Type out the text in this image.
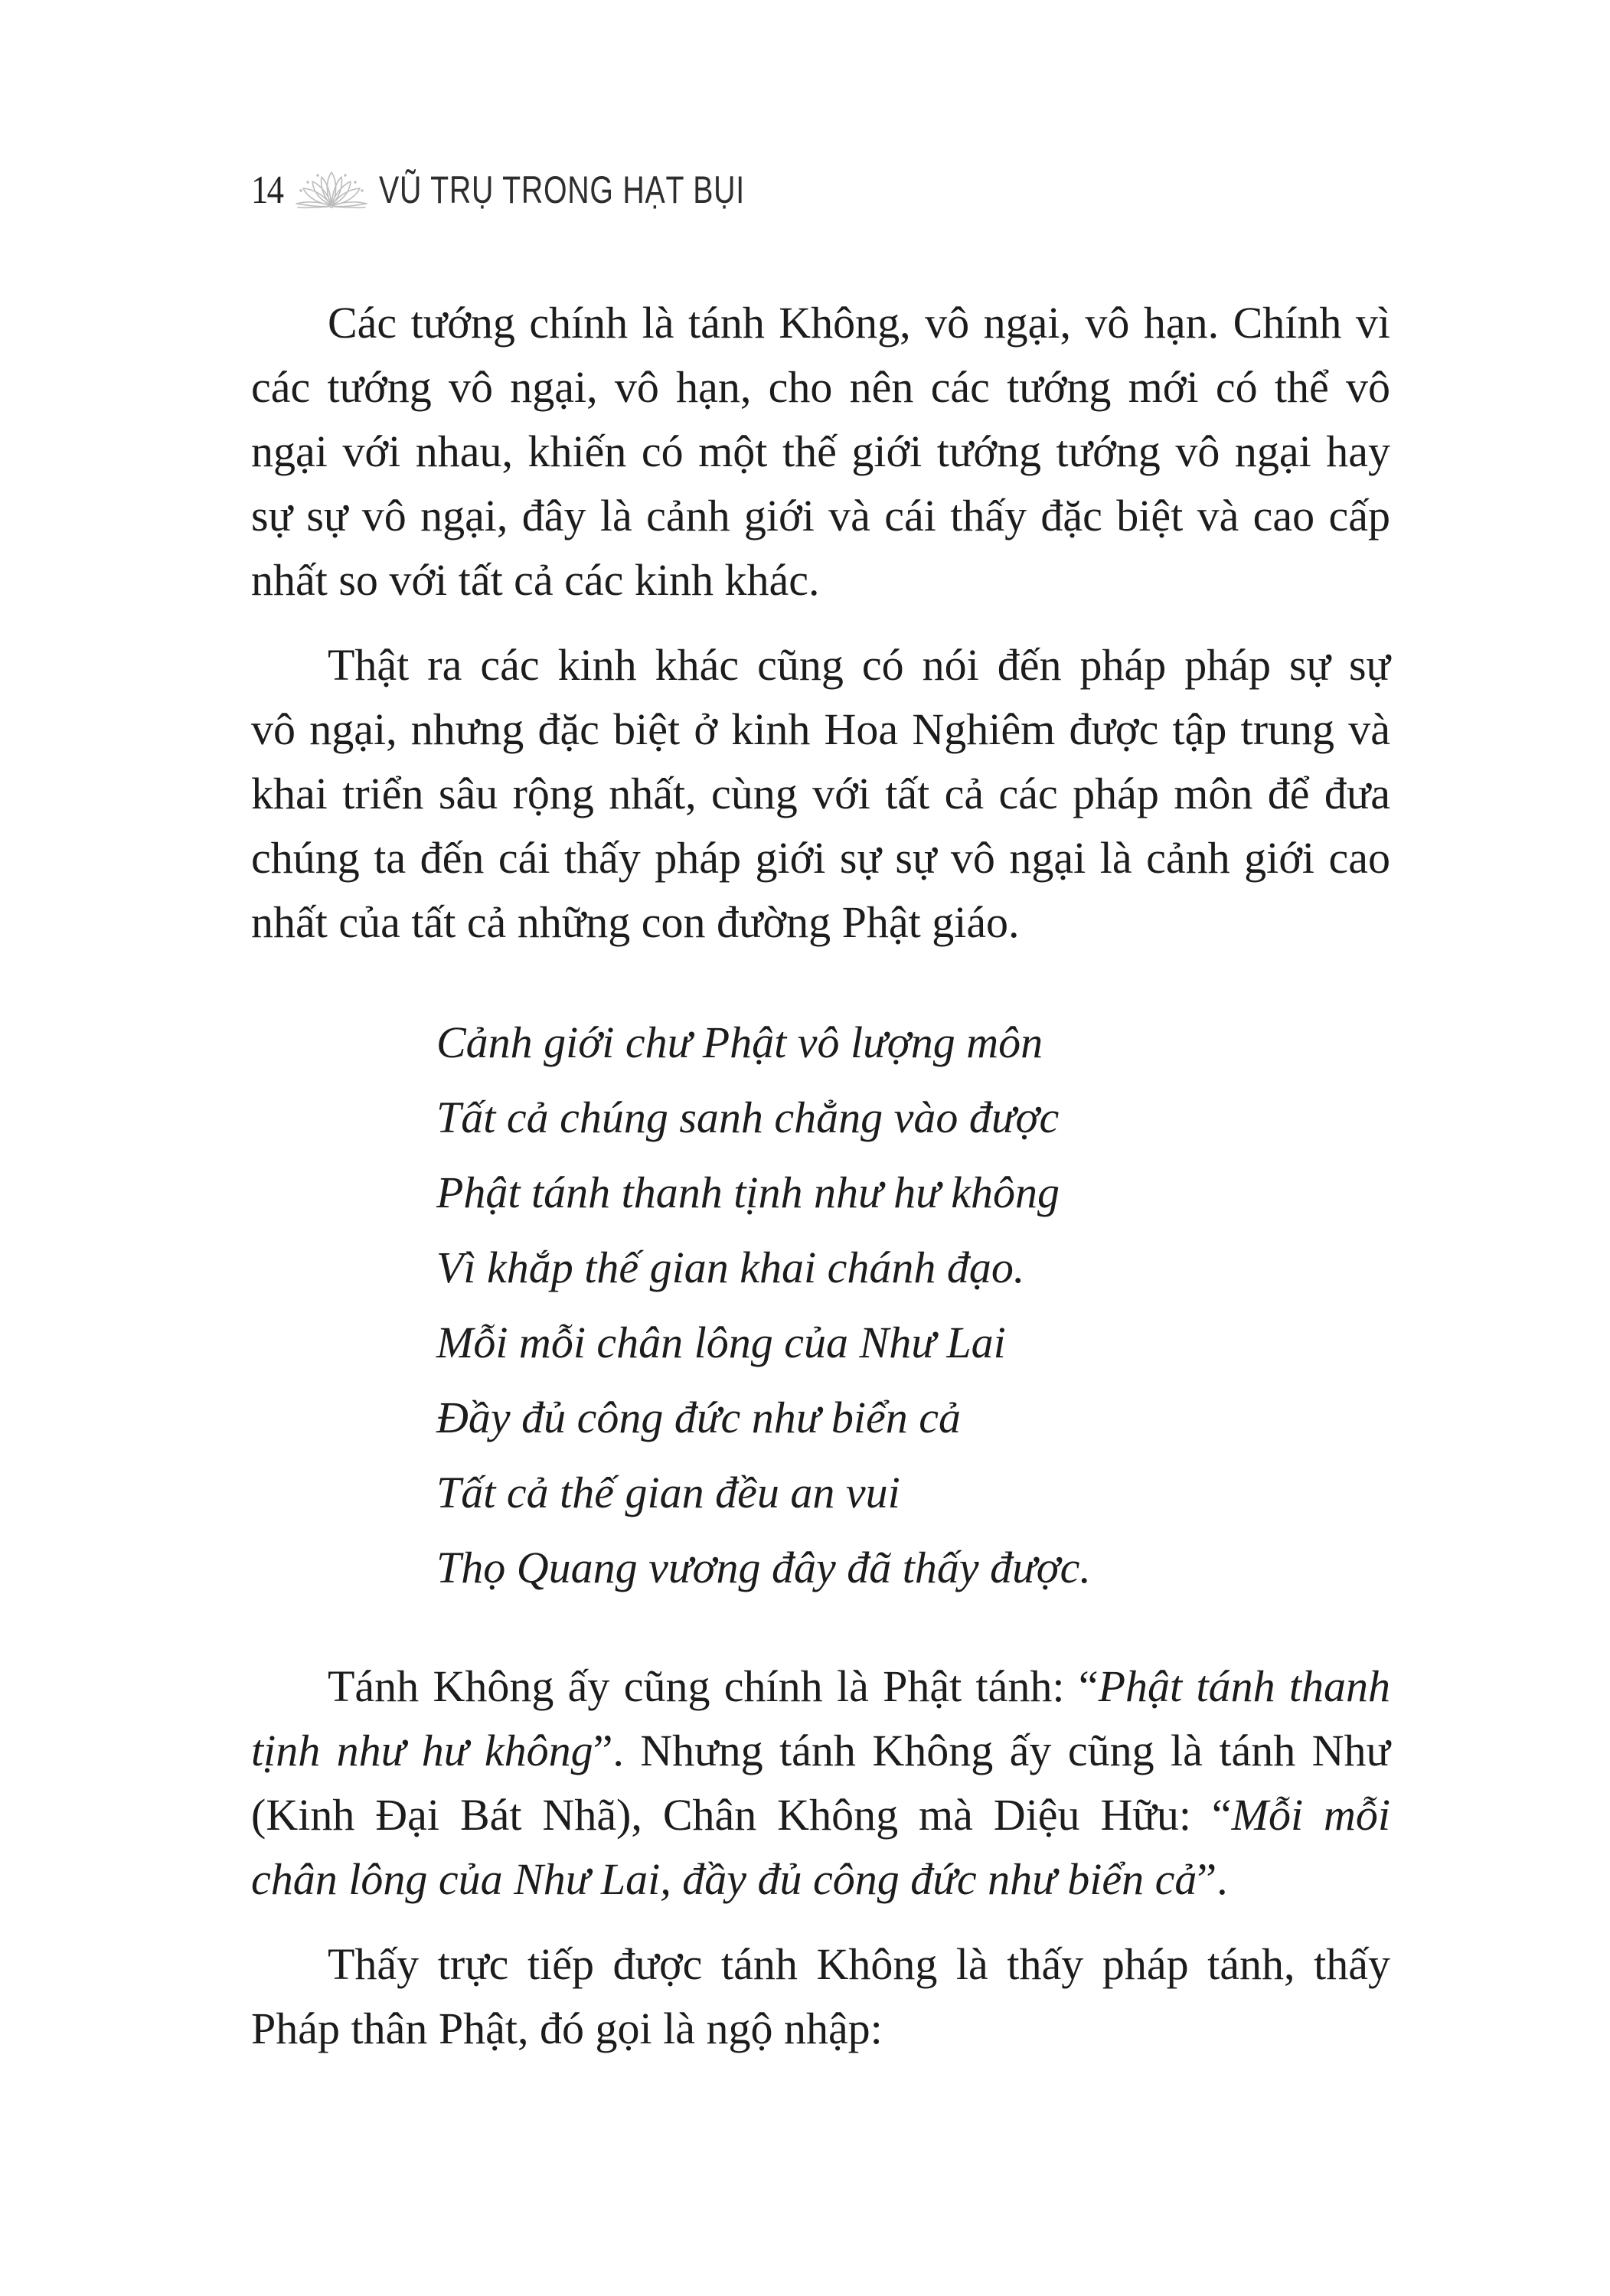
14	VŨ TRỤ TRONG HẠT BỤI
Các tướng chính là tánh Không, vô ngại, vô hạn. Chính vì
các tướng vô ngại, vô hạn, cho nên các tướng mới có thể vô
ngại với nhau, khiến có một thế giới tướng tướng vô ngại hay
sự sự vô ngại, đây là cảnh giới và cái thấy đặc biệt và cao cấp
nhất so với tất cả các kinh khác.
Thật ra các kinh khác cũng có nói đến pháp pháp sự sự
vô ngại, nhưng đặc biệt ở kinh Hoa Nghiêm được tập trung và
khai triển sâu rộng nhất, cùng với tất cả các pháp môn để đưa
chúng ta đến cái thấy pháp giới sự sự vô ngại là cảnh giới cao
nhất của tất cả những con đường Phật giáo.
Cảnh giới chư Phật vô lượng môn
Tất cả chúng sanh chẳng vào được
Phật tánh thanh tịnh như hư không
Vì khắp thế gian khai chánh đạo.
Mỗi mỗi chân lông của Như Lai
Đầy đủ công đức như biển cả
Tất cả thế gian đều an vui
Thọ Quang vương đây đã thấy được.
Tánh Không ấy cũng chính là Phật tánh: “Phật tánh thanh
tịnh như hư không”. Nhưng tánh Không ấy cũng là tánh Như
(Kinh Đại Bát Nhã), Chân Không mà Diệu Hữu: “Mỗi mỗi
chân lông của Như Lai, đầy đủ công đức như biển cả”.
Thấy trực tiếp được tánh Không là thấy pháp tánh, thấy
Pháp thân Phật, đó gọi là ngộ nhập:
